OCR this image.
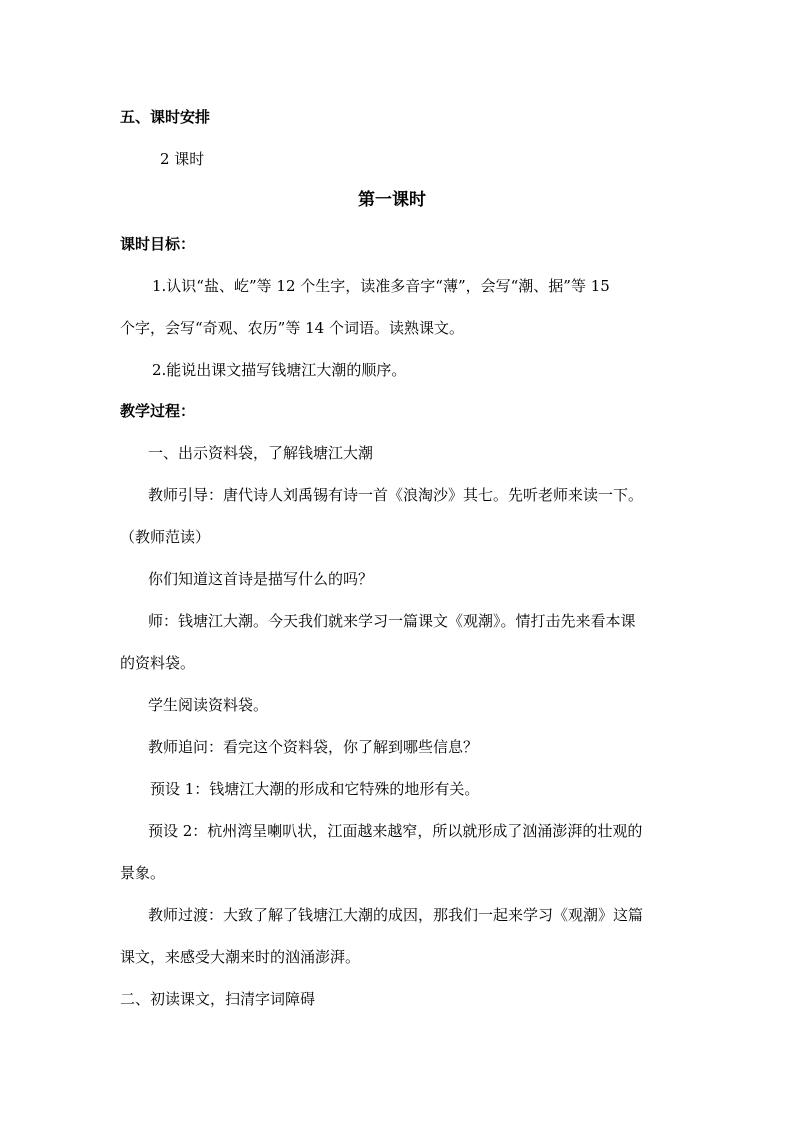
五、课时安排
2 课时
第一课时
课时目标：
1.认识“盐、屹”等 12 个生字，读准多音字“薄”，会写“潮、据”等 15
个字，会写“奇观、农历”等 14 个词语。读熟课文。
2.能说出课文描写钱塘江大潮的顺序。
教学过程：
一、出示资料袋，了解钱塘江大潮
教师引导：唐代诗人刘禹锡有诗一首《浪淘沙》其七。先听老师来读一下。
（教师范读）
你们知道这首诗是描写什么的吗？
师：钱塘江大潮。今天我们就来学习一篇课文《观潮》。情打击先来看本课
的资料袋。
学生阅读资料袋。
教师追问：看完这个资料袋，你了解到哪些信息？
预设 1：钱塘江大潮的形成和它特殊的地形有关。
预设 2：杭州湾呈喇叭状，江面越来越窄，所以就形成了汹涌澎湃的壮观的
景象。
教师过渡：大致了解了钱塘江大潮的成因，那我们一起来学习《观潮》这篇
课文，来感受大潮来时的汹涌澎湃。
二、初读课文，扫清字词障碍
